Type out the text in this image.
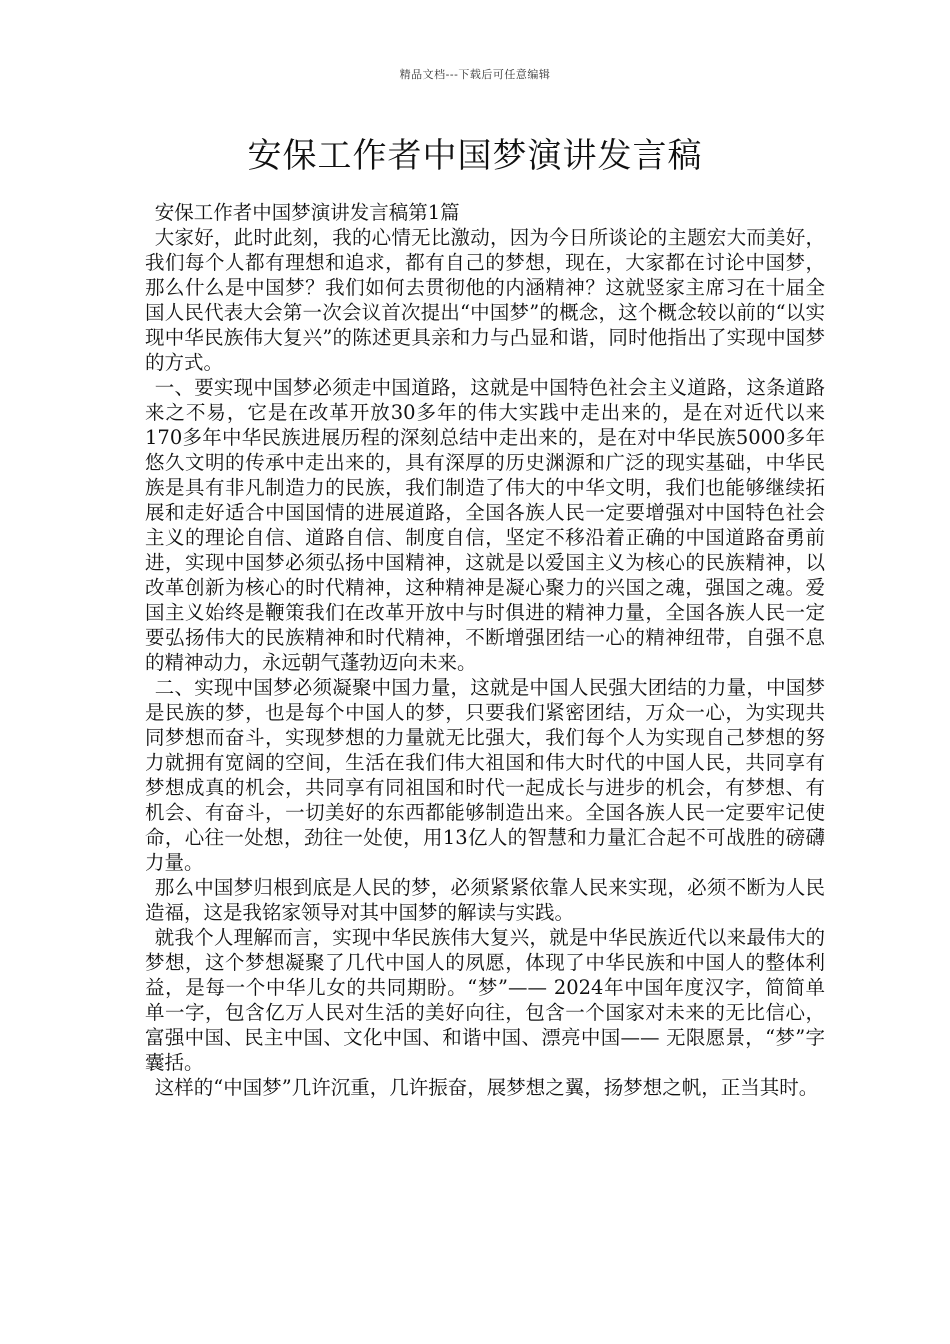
精品文档---下载后可任意编辑
安保工作者中国梦演讲发言稿

安保工作者中国梦演讲发言稿第1篇

大家好，此时此刻，我的心情无比激动，因为今日所谈论的主题宏大而美好，我们每个人都有理想和追求，都有自己的梦想，现在，大家都在讨论中国梦，那么什么是中国梦？我们如何去贯彻他的内涵精神？这就竖家主席习在十届全国人民代表大会第一次会议首次提出“中国梦”的概念，这个概念较以前的“以实现中华民族伟大复兴”的陈述更具亲和力与凸显和谐，同时他指出了实现中国梦的方式。

一、要实现中国梦必须走中国道路，这就是中国特色社会主义道路，这条道路来之不易，它是在改革开放30多年的伟大实践中走出来的，是在对近代以来170多年中华民族进展历程的深刻总结中走出来的，是在对中华民族5000多年悠久文明的传承中走出来的，具有深厚的历史渊源和广泛的现实基础，中华民族是具有非凡制造力的民族，我们制造了伟大的中华文明，我们也能够继续拓展和走好适合中国国情的进展道路，全国各族人民一定要增强对中国特色社会主义的理论自信、道路自信、制度自信，坚定不移沿着正确的中国道路奋勇前进，实现中国梦必须弘扬中国精神，这就是以爱国主义为核心的民族精神，以改革创新为核心的时代精神，这种精神是凝心聚力的兴国之魂，强国之魂。爱国主义始终是鞭策我们在改革开放中与时俱进的精神力量，全国各族人民一定要弘扬伟大的民族精神和时代精神，不断增强团结一心的精神纽带，自强不息的精神动力，永远朝气蓬勃迈向未来。

二、实现中国梦必须凝聚中国力量，这就是中国人民强大团结的力量，中国梦是民族的梦，也是每个中国人的梦，只要我们紧密团结，万众一心，为实现共同梦想而奋斗，实现梦想的力量就无比强大，我们每个人为实现自己梦想的努力就拥有宽阔的空间，生活在我们伟大祖国和伟大时代的中国人民，共同享有梦想成真的机会，共同享有同祖国和时代一起成长与进步的机会，有梦想、有机会、有奋斗，一切美好的东西都能够制造出来。全国各族人民一定要牢记使命，心往一处想，劲往一处使，用13亿人的智慧和力量汇合起不可战胜的磅礴力量。

那么中国梦归根到底是人民的梦，必须紧紧依靠人民来实现，必须不断为人民造福，这是我铭家领导对其中国梦的解读与实践。

就我个人理解而言，实现中华民族伟大复兴，就是中华民族近代以来最伟大的梦想，这个梦想凝聚了几代中国人的夙愿，体现了中华民族和中国人的整体利益，是每一个中华儿女的共同期盼。“梦”—— 2024年中国年度汉字，简简单单一字，包含亿万人民对生活的美好向往，包含一个国家对未来的无比信心，富强中国、民主中国、文化中国、和谐中国、漂亮中国—— 无限愿景，“梦”字囊括。

这样的“中国梦”几许沉重，几许振奋，展梦想之翼，扬梦想之帆，正当其时。
